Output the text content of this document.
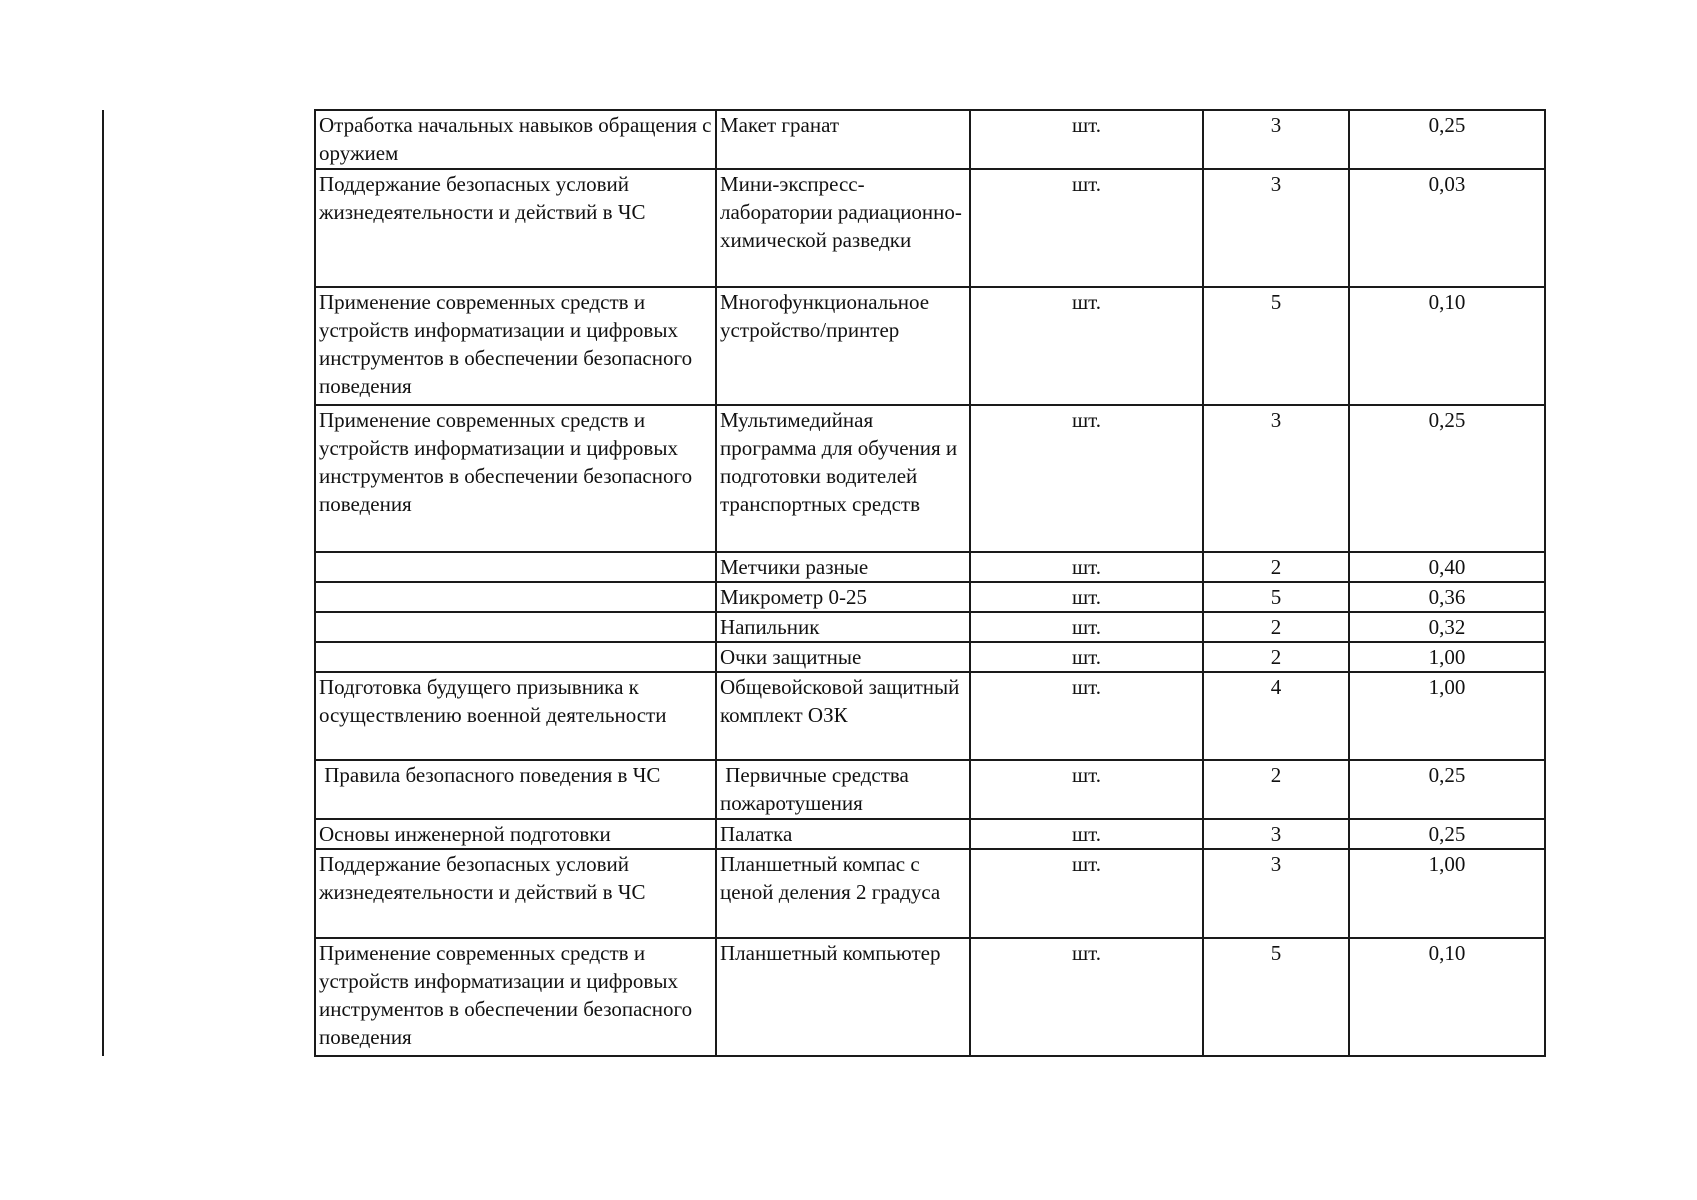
Отработка начальных навыков обращения с оружием	Макет гранат	шт.	3	0,25

Поддержание безопасных условий жизнедеятельности и действий в ЧС	Мини-экспресс-лаборатории радиационно-химической разведки	шт.	3	0,03

Применение современных средств и устройств информатизации и цифровых инструментов в обеспечении безопасного поведения	Многофункциональное устройство/принтер	шт.	5	0,10

Применение современных средств и устройств информатизации и цифровых инструментов в обеспечении безопасного поведения	Мультимедийная программа для обучения и подготовки водителей транспортных средств	шт.	3	0,25
	Метчики разные	шт.	2	0,40
	Микрометр 0-25	шт.	5	0,36
	Напильник	шт.	2	0,32
	Очки защитные	шт.	2	1,00

Подготовка будущего призывника к осуществлению военной деятельности	Общевойсковой защитный комплект ОЗК	шт.	4	1,00
Правила безопасного поведения в ЧС	Первичные средства пожаротушения	шт.	2	0,25
Основы инженерной подготовки	Палатка	шт.	3	0,25

Поддержание безопасных условий жизнедеятельности и действий в ЧС	Планшетный компас с ценой деления 2 градуса	шт.	3	1,00

Применение современных средств и устройств информатизации и цифровых инструментов в обеспечении безопасного поведения	Планшетный компьютер	шт.	5	0,10
